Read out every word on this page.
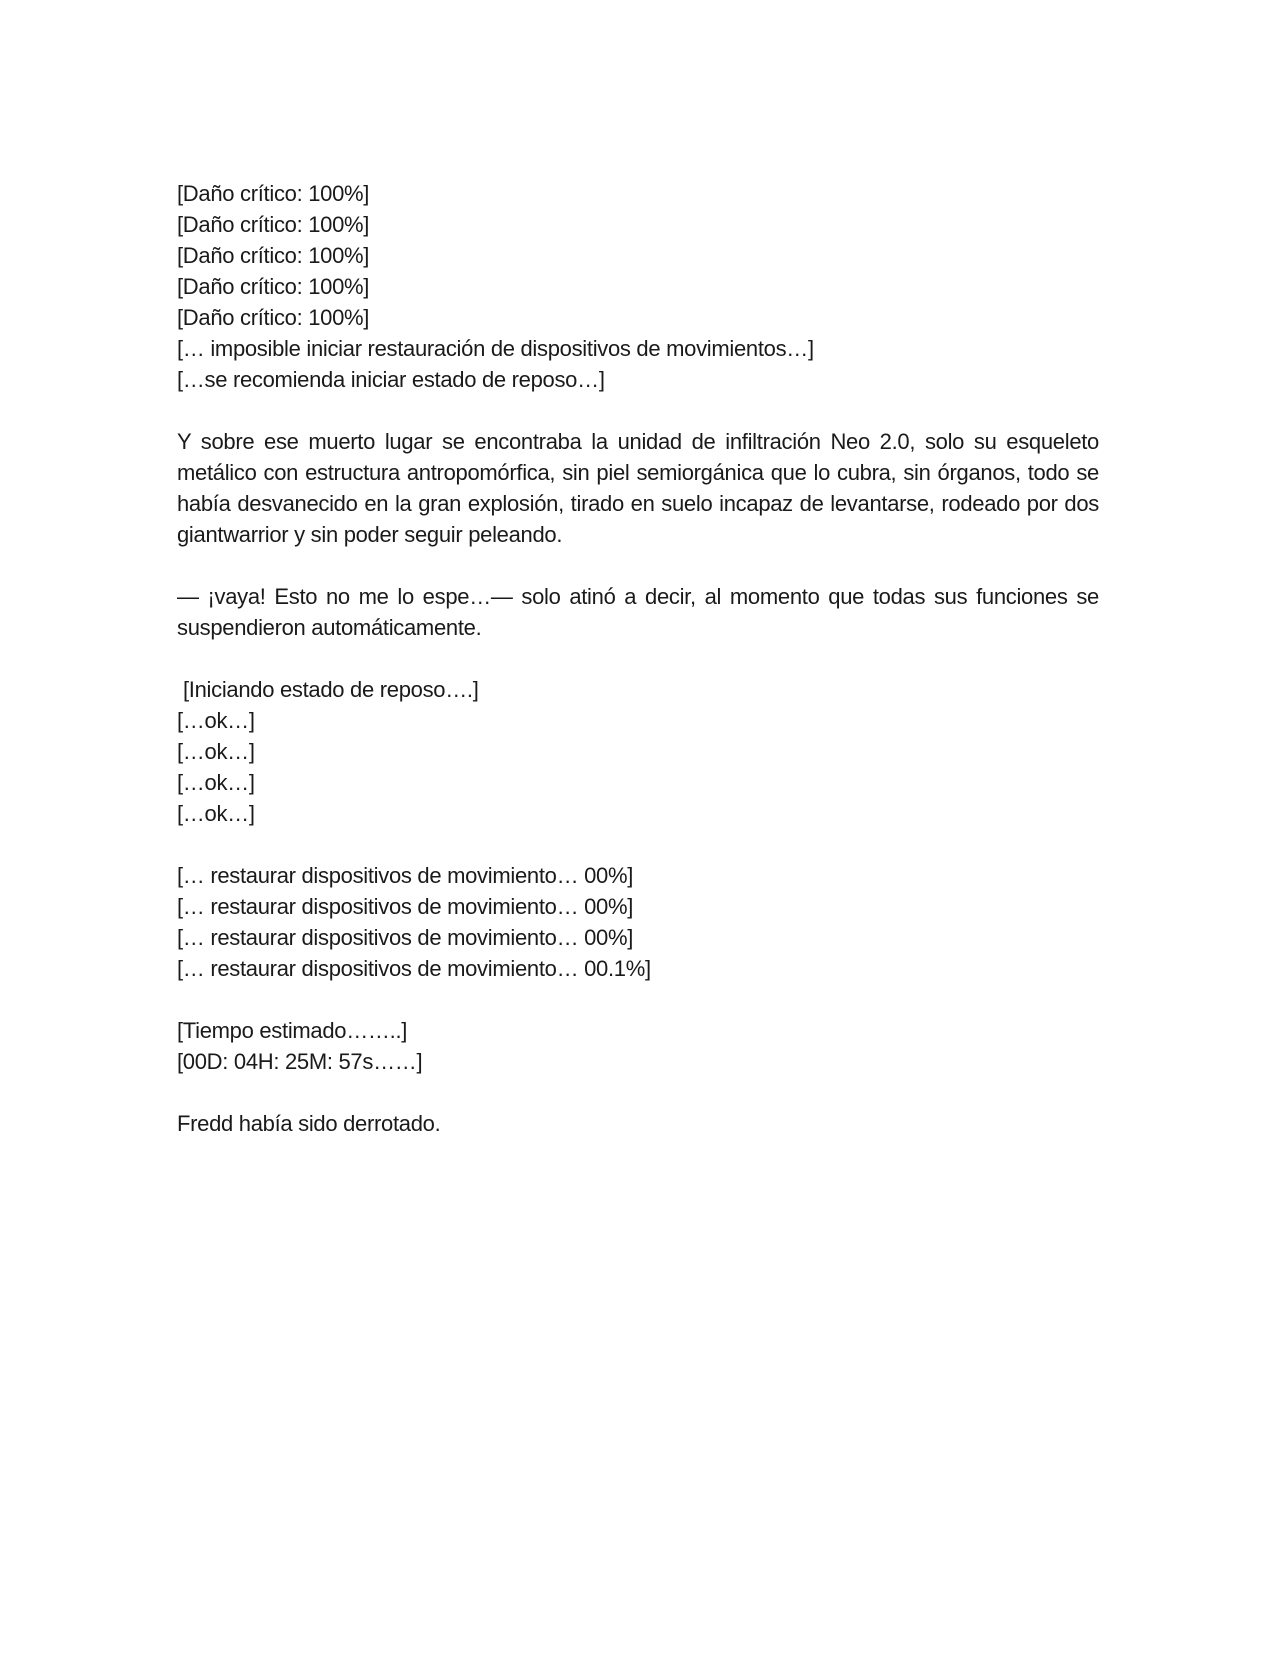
[Daño crítico: 100%]
[Daño crítico: 100%]
[Daño crítico: 100%]
[Daño crítico: 100%]
[Daño crítico: 100%]
[… imposible iniciar restauración de dispositivos de movimientos…]
[…se recomienda iniciar estado de reposo…]

Y sobre ese muerto lugar se encontraba la unidad de infiltración Neo 2.0, solo su esqueleto metálico con estructura antropomórfica, sin piel semiorgánica que lo cubra, sin órganos, todo se había desvanecido en la gran explosión, tirado en suelo incapaz de levantarse, rodeado por dos giantwarrior y sin poder seguir peleando.

— ¡vaya! Esto no me lo espe…— solo atinó a decir, al momento que todas sus funciones se suspendieron automáticamente.

[Iniciando estado de reposo….]
[…ok…]
[…ok…]
[…ok…]
[…ok…]
[… restaurar dispositivos de movimiento… 00%]
[… restaurar dispositivos de movimiento… 00%]
[… restaurar dispositivos de movimiento… 00%]
[… restaurar dispositivos de movimiento… 00.1%]
[Tiempo estimado……..]
[00D: 04H: 25M: 57s……]

Fredd había sido derrotado.
